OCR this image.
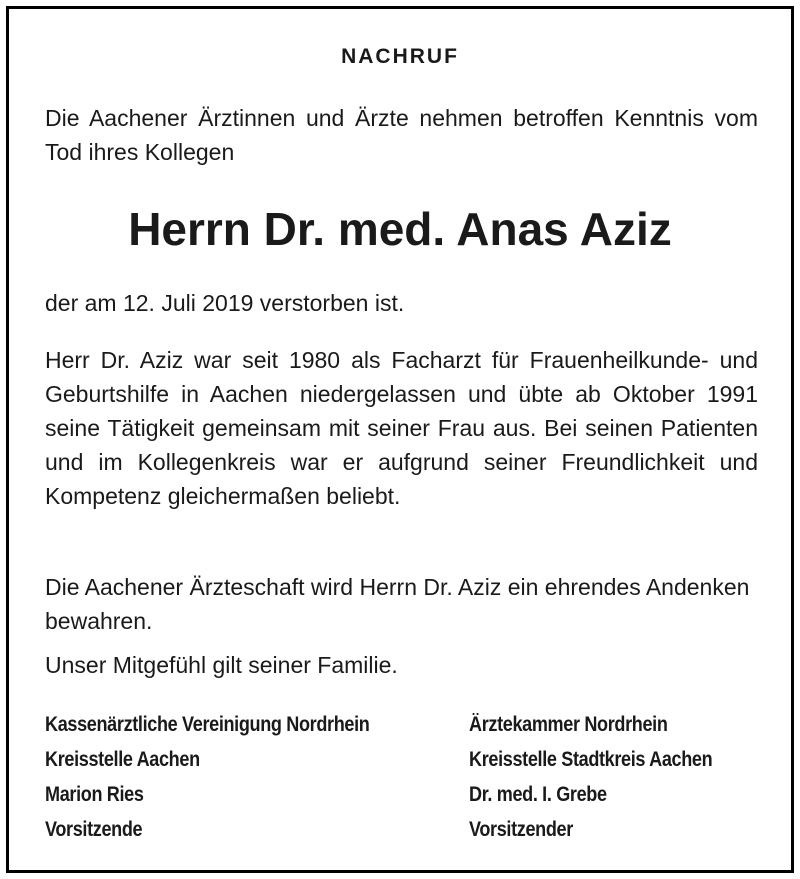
NACHRUF

Die Aachener Ärztinnen und Ärzte nehmen betroffen Kenntnis vom Tod ihres Kollegen

Herrn Dr. med. Anas Aziz

der am 12. Juli 2019 verstorben ist.

Herr Dr. Aziz war seit 1980 als Facharzt für Frauenheilkunde- und Geburtshilfe in Aachen niedergelassen und übte ab Oktober 1991 seine Tätigkeit gemeinsam mit seiner Frau aus. Bei seinen Patienten und im Kollegenkreis war er aufgrund seiner Freundlichkeit und Kompetenz gleichermaßen beliebt.

Die Aachener Ärzteschaft wird Herrn Dr. Aziz ein ehrendes Andenken bewahren.

Unser Mitgefühl gilt seiner Familie.

Kassenärztliche Vereinigung Nordrhein
Kreisstelle Aachen
Marion Ries
Vorsitzende
Ärztekammer Nordrhein
Kreisstelle Stadtkreis Aachen
Dr. med. I. Grebe
Vorsitzender
